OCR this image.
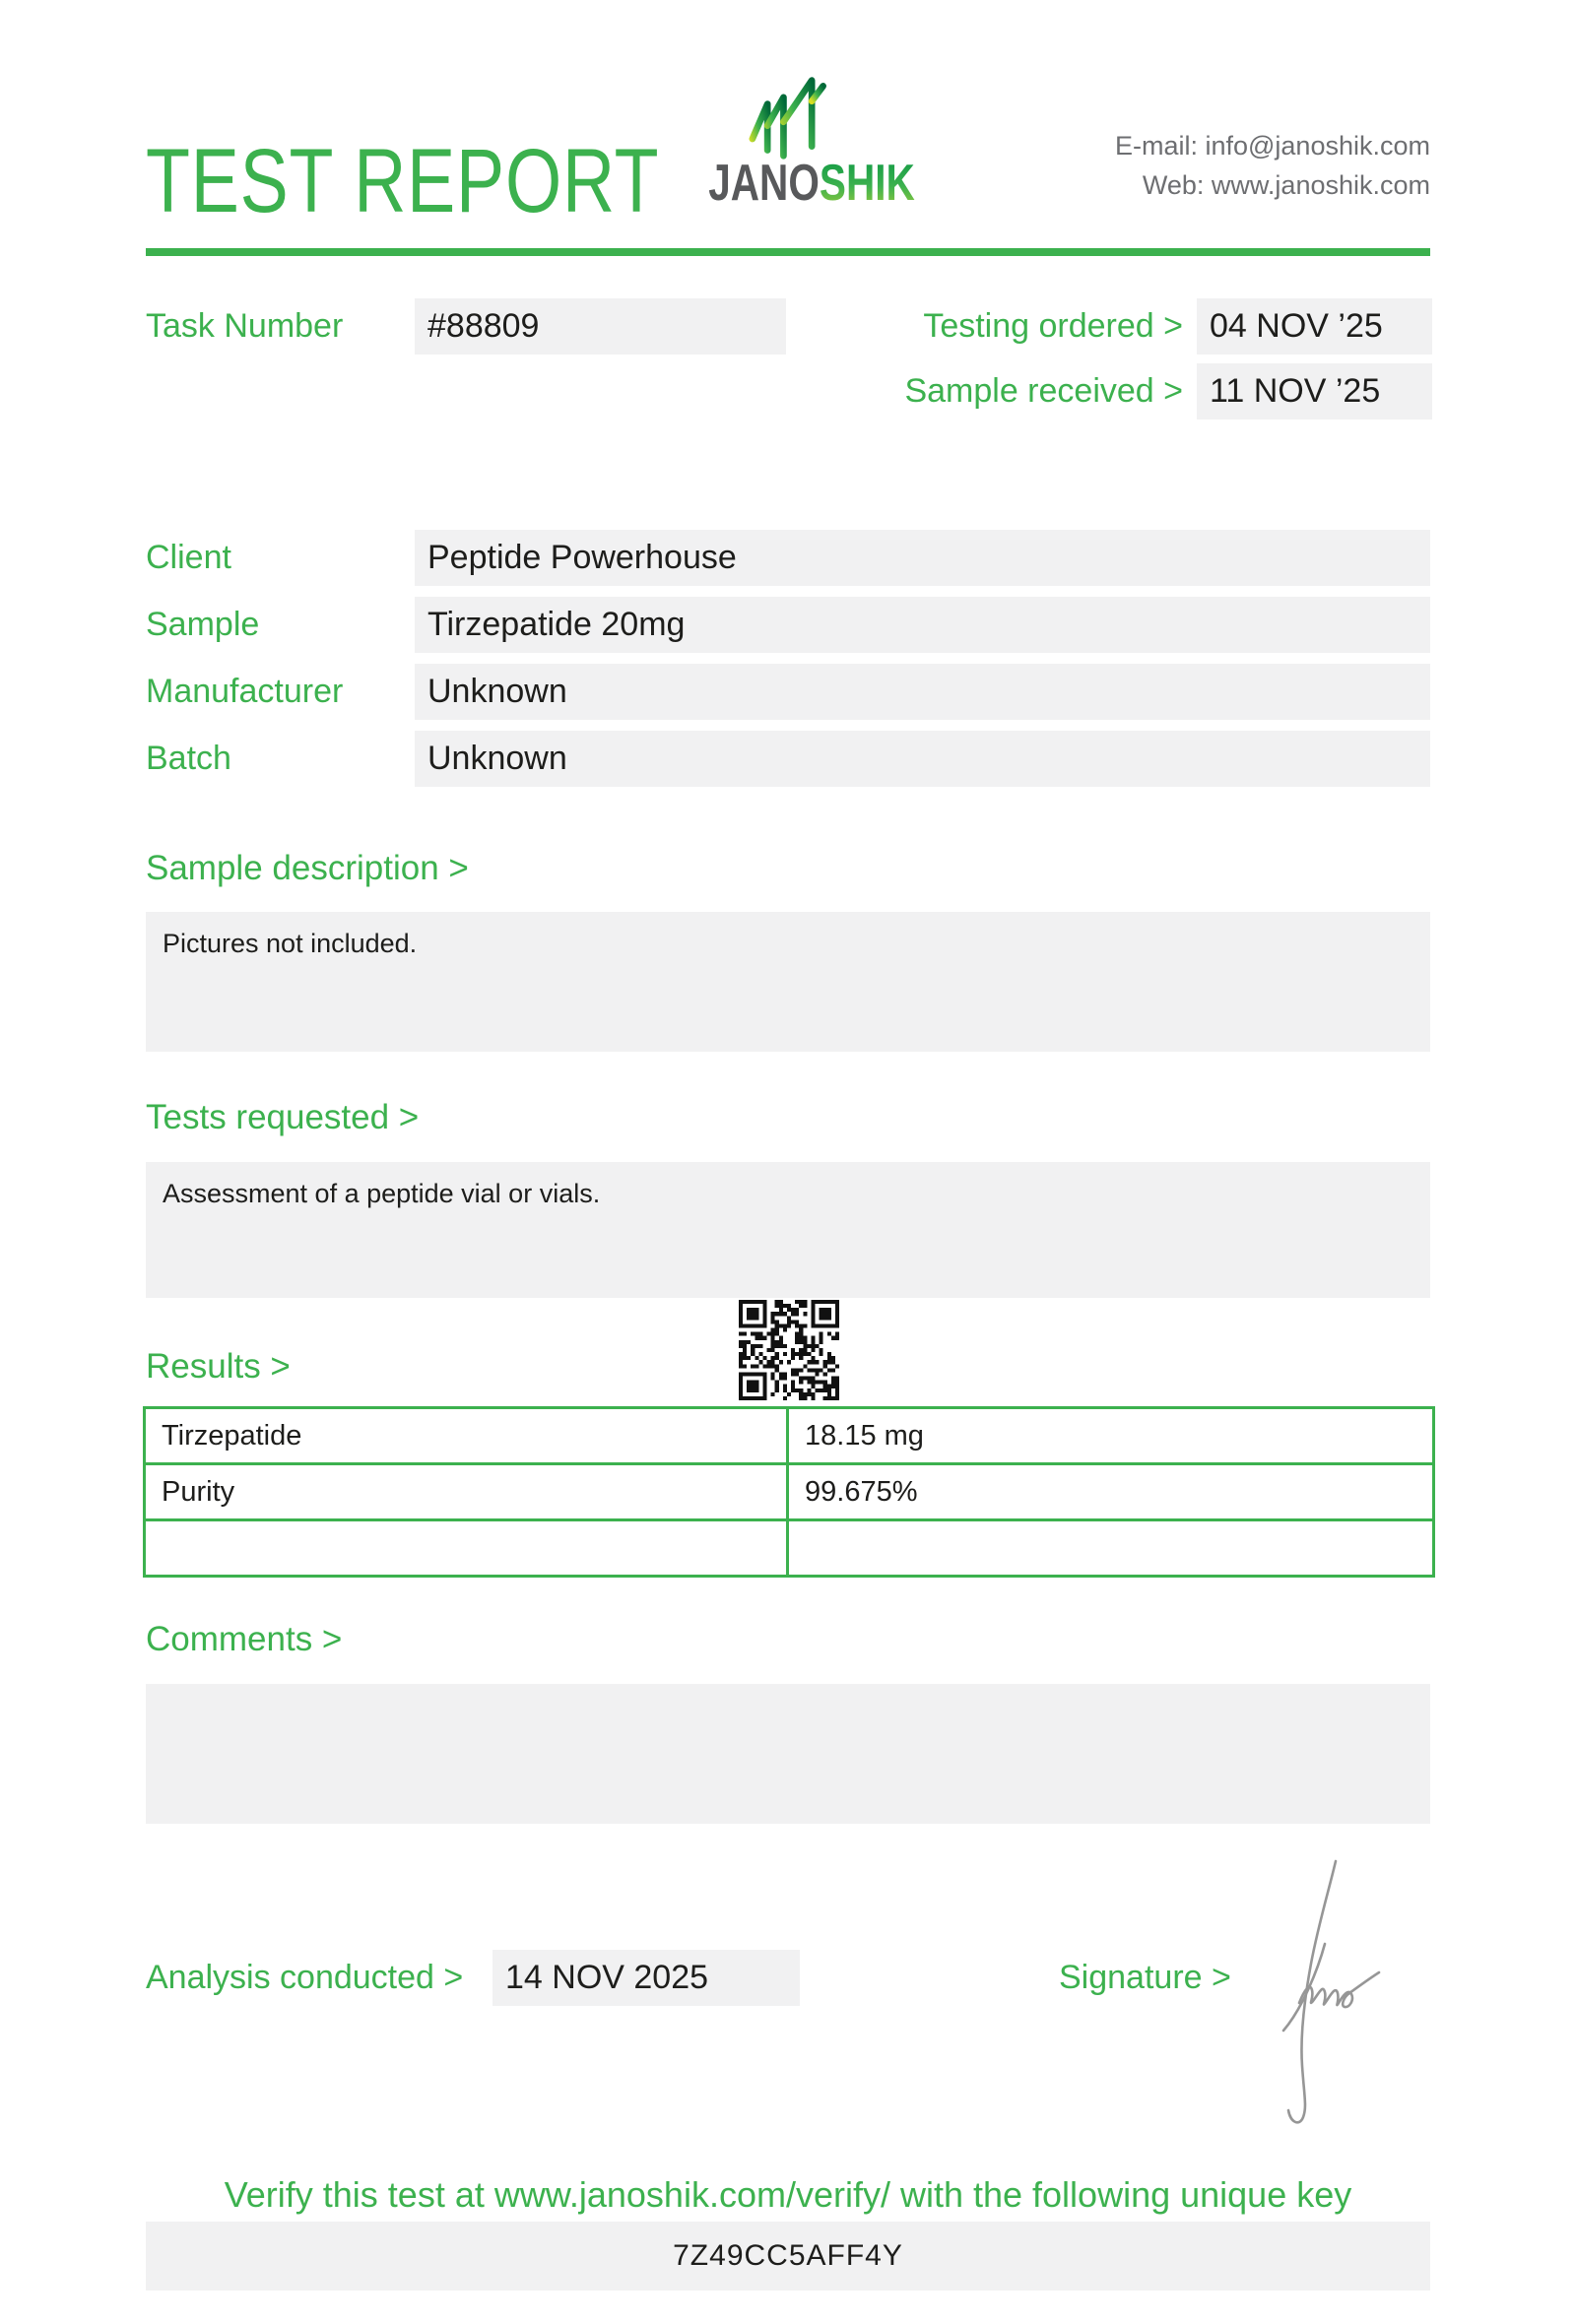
TEST REPORT JANOSHIK
E-mail: info@janoshik.com
Web: www.janoshik.com
Task Number	#88809	Testing ordered > 04 NOV ’25
Sample received > 11 NOV ’25
Client	Peptide Powerhouse
Sample	Tirzepatide 20mg
Manufacturer	Unknown
Batch	Unknown
Sample description >
Pictures not included.
Tests requested >
Assessment of a peptide vial or vials.
Results >
Tirzepatide	18.15 mg
Purity	99.675%

Comments >
Analysis conducted >	14 NOV 2025	Signature >
Verify this test at www.janoshik.com/verify/ with the following unique key
7Z49CC5AFF4Y
